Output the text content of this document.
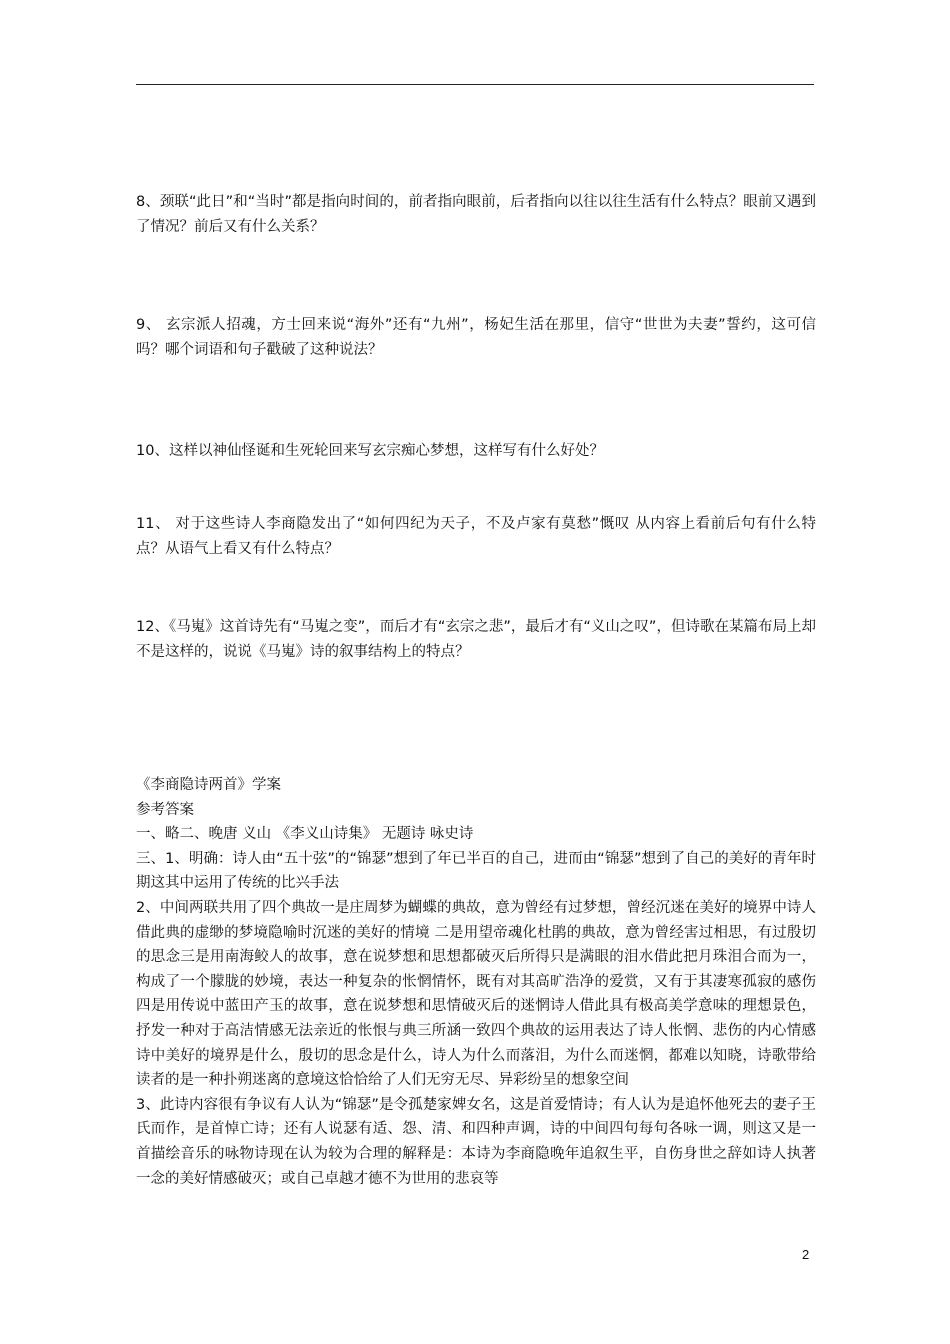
8、颈联“此日”和“当时”都是指向时间的，前者指向眼前，后者指向以往以往生活有什么特点？眼前又遇到了情况？前后又有什么关系？

9、 玄宗派人招魂，方士回来说“海外”还有“九州”，杨妃生活在那里，信守“世世为夫妻”誓约，这可信吗？哪个词语和句子戳破了这种说法？

10、这样以神仙怪诞和生死轮回来写玄宗痴心梦想，这样写有什么好处？

11、 对于这些诗人李商隐发出了“如何四纪为天子，不及卢家有莫愁”慨叹 从内容上看前后句有什么特点？从语气上看又有什么特点？

12、《马嵬》这首诗先有“马嵬之变”，而后才有“玄宗之悲”，最后才有“义山之叹”，但诗歌在某篇布局上却不是这样的，说说《马嵬》诗的叙事结构上的特点？

《李商隐诗两首》学案

参考答案

一、略二、晚唐 义山 《李义山诗集》 无题诗 咏史诗

三、1、明确：诗人由“五十弦”的“锦瑟”想到了年已半百的自己，进而由“锦瑟”想到了自己的美好的青年时期这其中运用了传统的比兴手法

2、中间两联共用了四个典故一是庄周梦为蝴蝶的典故，意为曾经有过梦想，曾经沉迷在美好的境界中诗人借此典的虚缈的梦境隐喻时沉迷的美好的情境 二是用望帝魂化杜鹃的典故，意为曾经害过相思，有过殷切的思念三是用南海鲛人的故事，意在说梦想和思想都破灭后所得只是满眼的泪水借此把月珠泪合而为一，构成了一个朦胧的妙境，表达一种复杂的怅惘情怀，既有对其高旷浩净的爱赏，又有于其凄寒孤寂的感伤 四是用传说中蓝田产玉的故事，意在说梦想和思情破灭后的迷惘诗人借此具有极高美学意味的理想景色，抒发一种对于高洁情感无法亲近的怅恨与典三所涵一致四个典故的运用表达了诗人怅惘、悲伤的内心情感诗中美好的境界是什么，殷切的思念是什么，诗人为什么而落泪，为什么而迷惘，都难以知晓，诗歌带给读者的是一种扑朔迷离的意境这恰恰给了人们无穷无尽、异彩纷呈的想象空间

3、此诗内容很有争议有人认为“锦瑟”是令孤楚家婢女名，这是首爱情诗；有人认为是追怀他死去的妻子王氏而作，是首悼亡诗；还有人说瑟有适、怨、清、和四种声调，诗的中间四句每句各咏一调，则这又是一首描绘音乐的咏物诗现在认为较为合理的解释是：本诗为李商隐晚年追叙生平，自伤身世之辞如诗人执著一念的美好情感破灭；或自己卓越才德不为世用的悲哀等

2
